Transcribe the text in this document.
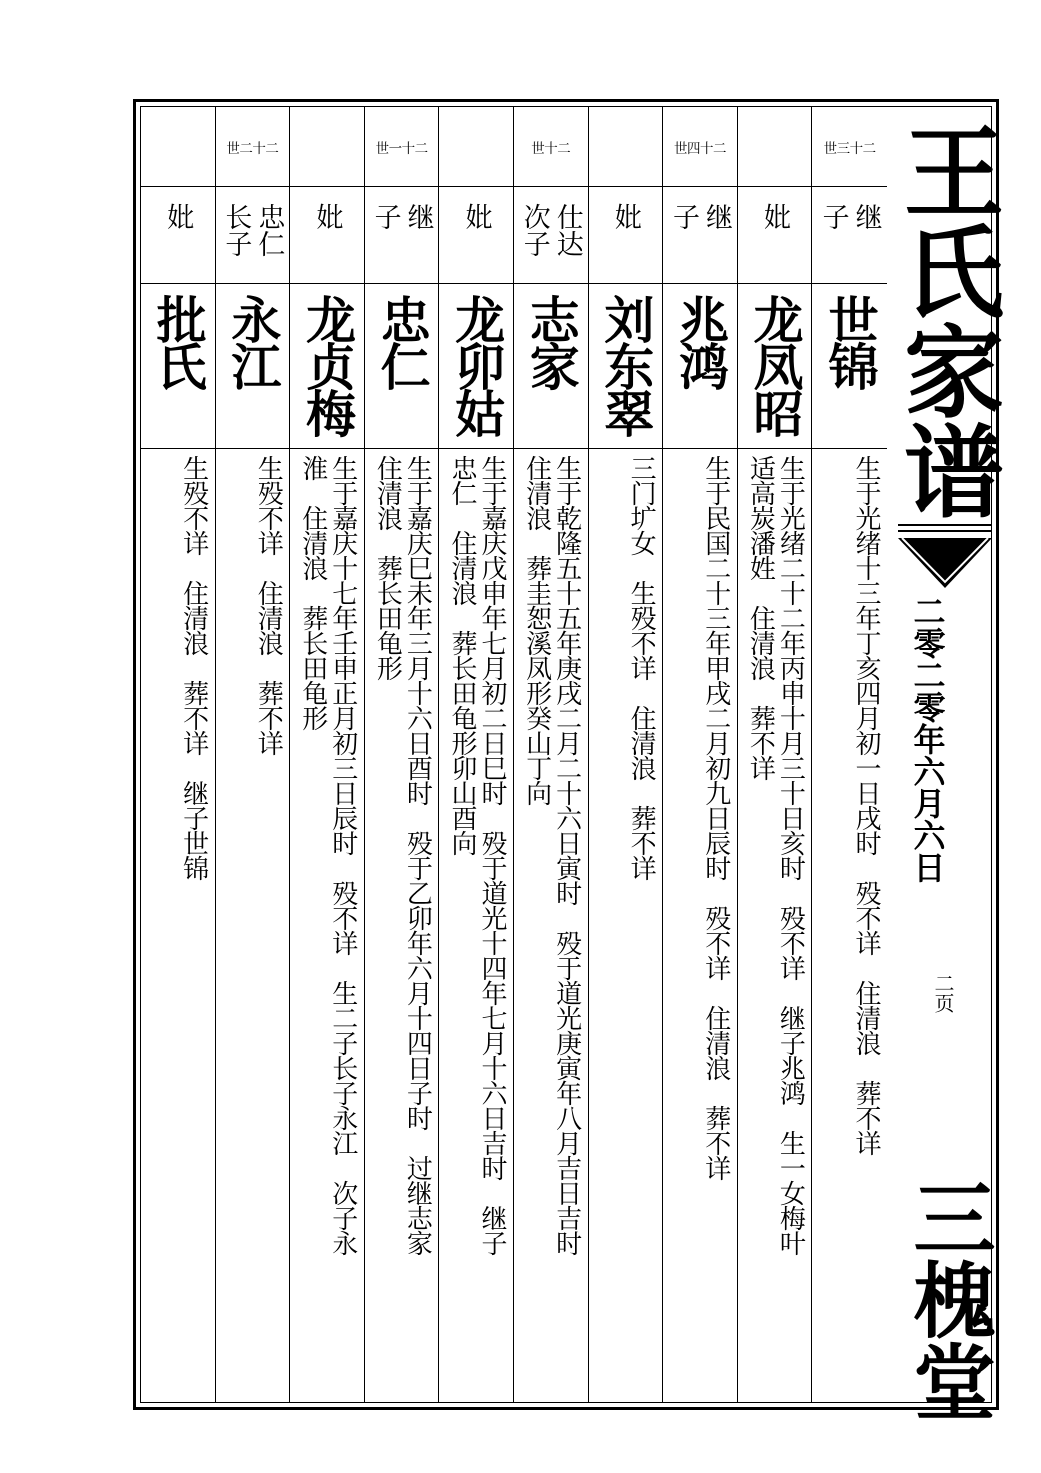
妣
批氏
生殁不详　住清浪　葬不详　继子世锦
世二十二
忠仁
长子
永江
生殁不详　住清浪　葬不详
妣
龙贞梅
生于嘉庆十七年壬申正月初三日辰时　殁不详　生二子长子永江　次子永
淮　住清浪　葬长田龟形
世一十二
继
子
忠仁
生于嘉庆巳未年三月十六日酉时　殁于乙卯年六月十四日子时　过继志家
住清浪　葬长田龟形
妣
龙卯姑
生于嘉庆戊申年七月初二日巳时　殁于道光十四年七月十六日吉时　继子
忠仁　住清浪　葬长田龟形卯山酉向
世十二
仕达
次子
志家
生于乾隆五十五年庚戌二月二十六日寅时　殁于道光庚寅年八月吉日吉时
住清浪　葬圭恕溪凤形癸山丁向
妣
刘东翠
三门圹女　生殁不详　住清浪　葬不详
世四十二
继
子
兆鸿
生于民国二十三年甲戌二月初九日辰时　殁不详　住清浪　葬不详
妣
龙凤昭
生于光绪二十二年丙申十月三十日亥时　殁不详　继子兆鸿　生一女梅叶
适高炭潘姓　住清浪　葬不详
世三十二
继
子
世锦
生于光绪十三年丁亥四月初一日戌时　殁不详　住清浪　葬不详
王氏家谱
二零二零年六月六日
二页
三槐堂
